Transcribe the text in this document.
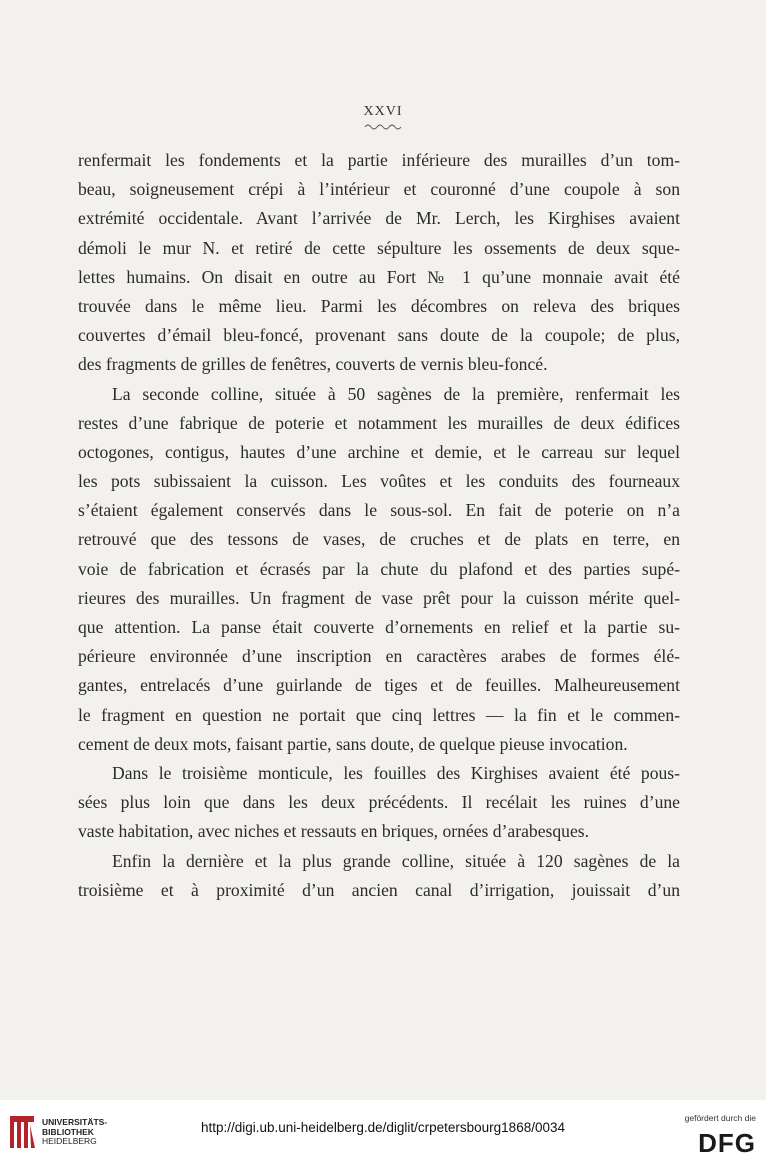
XXVI
renfermait les fondements et la partie inférieure des murailles d’un tom-
beau, soigneusement crépi à l’intérieur et couronné d’une coupole à son
extrémité occidentale. Avant l’arrivée de Mr. Lerch, les Kirghises avaient
démoli le mur N. et retiré de cette sépulture les ossements de deux sque-
lettes humains. On disait en outre au Fort № 1 qu’une monnaie avait été
trouvée dans le même lieu. Parmi les décombres on releva des briques
couvertes d’émail bleu-foncé, provenant sans doute de la coupole; de plus,
des fragments de grilles de fenêtres, couverts de vernis bleu-foncé.
La seconde colline, située à 50 sagènes de la première, renfermait les
restes d’une fabrique de poterie et notamment les murailles de deux édifices
octogones, contigus, hautes d’une archine et demie, et le carreau sur lequel
les pots subissaient la cuisson. Les voûtes et les conduits des fourneaux
s’étaient également conservés dans le sous-sol. En fait de poterie on n’a
retrouvé que des tessons de vases, de cruches et de plats en terre, en
voie de fabrication et écrasés par la chute du plafond et des parties supé-
rieures des murailles. Un fragment de vase prêt pour la cuisson mérite quel-
que attention. La panse était couverte d’ornements en relief et la partie su-
périeure environnée d’une inscription en caractères arabes de formes élé-
gantes, entrelacés d’une guirlande de tiges et de feuilles. Malheureusement
le fragment en question ne portait que cinq lettres — la fin et le commen-
cement de deux mots, faisant partie, sans doute, de quelque pieuse invocation.
Dans le troisième monticule, les fouilles des Kirghises avaient été pous-
sées plus loin que dans les deux précédents. Il recélait les ruines d’une
vaste habitation, avec niches et ressauts en briques, ornées d’arabesques.
Enfin la dernière et la plus grande colline, située à 120 sagènes de la
troisième et à proximité d’un ancien canal d’irrigation, jouissait d’un
UNIVERSITÄTS-
BIBLIOTHEK
HEIDELBERG
http://digi.ub.uni-heidelberg.de/diglit/crpetersbourg1868/0034
gefördert durch die
DFG
